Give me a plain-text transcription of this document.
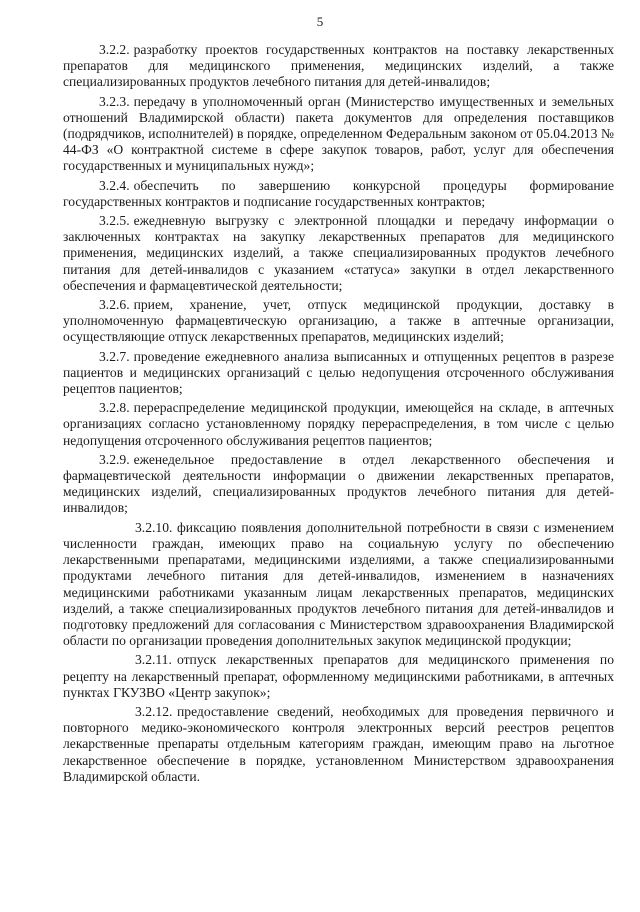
5

3.2.2. разработку проектов государственных контрактов на поставку лекарственных препаратов для медицинского применения, медицинских изделий, а также специализированных продуктов лечебного питания для детей-инвалидов;

3.2.3. передачу в уполномоченный орган (Министерство имущественных и земельных отношений Владимирской области) пакета документов для определения поставщиков (подрядчиков, исполнителей) в порядке, определенном Федеральным законом от 05.04.2013 № 44-ФЗ «О контрактной системе в сфере закупок товаров, работ, услуг для обеспечения государственных и муниципальных нужд»;

3.2.4. обеспечить по завершению конкурсной процедуры формирование государственных контрактов и подписание государственных контрактов;

3.2.5. ежедневную выгрузку с электронной площадки и передачу информации о заключенных контрактах на закупку лекарственных препаратов для медицинского применения, медицинских изделий, а также специализированных продуктов лечебного питания для детей-инвалидов с указанием «статуса» закупки в отдел лекарственного обеспечения и фармацевтической деятельности;

3.2.6. прием, хранение, учет, отпуск медицинской продукции, доставку в уполномоченную фармацевтическую организацию, а также в аптечные организации, осуществляющие отпуск лекарственных препаратов, медицинских изделий;

3.2.7. проведение ежедневного анализа выписанных и отпущенных рецептов в разрезе пациентов и медицинских организаций с целью недопущения отсроченного обслуживания рецептов пациентов;

3.2.8. перераспределение медицинской продукции, имеющейся на складе, в аптечных организациях согласно установленному порядку перераспределения, в том числе с целью недопущения отсроченного обслуживания рецептов пациентов;

3.2.9. еженедельное предоставление в отдел лекарственного обеспечения и фармацевтической деятельности информации о движении лекарственных препаратов, медицинских изделий, специализированных продуктов лечебного питания для детей-инвалидов;

3.2.10. фиксацию появления дополнительной потребности в связи с изменением численности граждан, имеющих право на социальную услугу по обеспечению лекарственными препаратами, медицинскими изделиями, а также специализированными продуктами лечебного питания для детей-инвалидов, изменением в назначениях медицинскими работниками указанным лицам лекарственных препаратов, медицинских изделий, а также специализированных продуктов лечебного питания для детей-инвалидов и подготовку предложений для согласования с Министерством здравоохранения Владимирской области по организации проведения дополнительных закупок медицинской продукции;

3.2.11. отпуск лекарственных препаратов для медицинского применения по рецепту на лекарственный препарат, оформленному медицинскими работниками, в аптечных пунктах ГКУЗВО «Центр закупок»;

3.2.12. предоставление сведений, необходимых для проведения первичного и повторного медико-экономического контроля электронных версий реестров рецептов лекарственные препараты отдельным категориям граждан, имеющим право на льготное лекарственное обеспечение в порядке, установленном Министерством здравоохранения Владимирской области.
